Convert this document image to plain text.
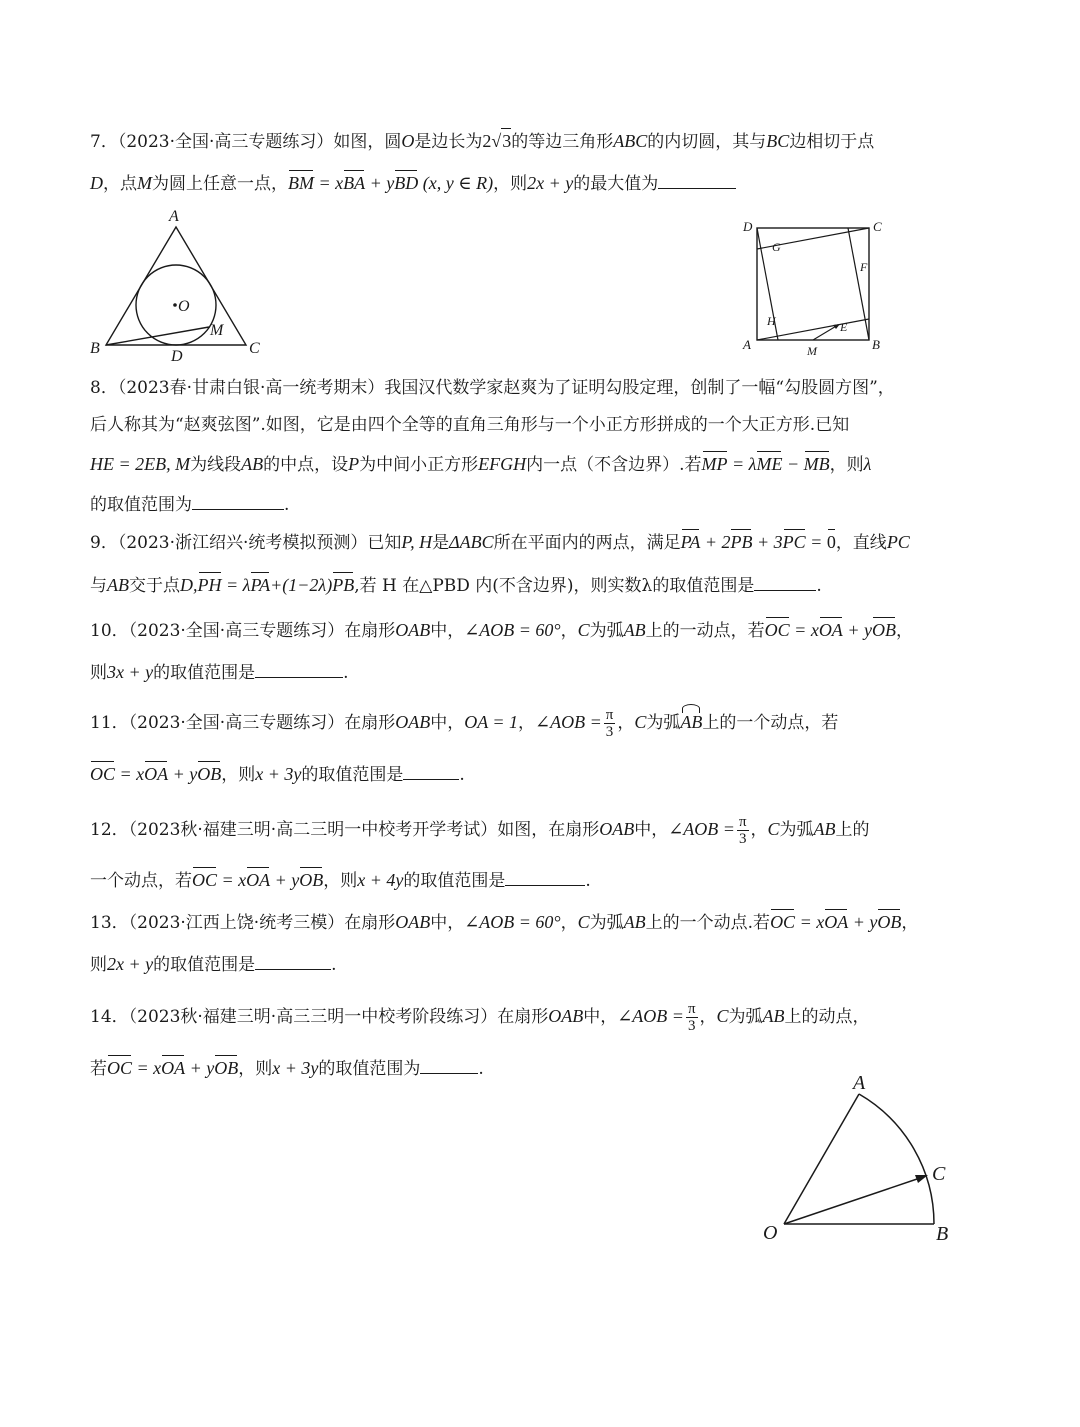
7．（2023·全国·高三专题练习）如图，圆O是边长为2√3的等边三角形ABC的内切圆，其与BC边相切于点
D，点M为圆上任意一点，BM = xBA + yBD (x, y ∈ R)，则2x + y的最大值为
A
B	C
D
M
O
D	C
A	B
G
F
H	E
M
8．（2023春·甘肃白银·高一统考期末）我国汉代数学家赵爽为了证明勾股定理，创制了一幅“勾股圆方图”，
后人称其为“赵爽弦图”.如图，它是由四个全等的直角三角形与一个小正方形拼成的一个大正方形.已知
HE = 2EB, M为线段AB的中点，设P为中间小正方形EFGH内一点（不含边界）.若MP = λME − MB，则λ
的取值范围为	.
9．（2023·浙江绍兴·统考模拟预测）已知P, H是ΔABC所在平面内的两点，满足PA + 2PB + 3PC = 0，直线PC
与AB交于点D,PH = λPA+(1−2λ)PB,若 H 在△PBD 内(不含边界)，则实数λ的取值范围是	.
10．（2023·全国·高三专题练习）在扇形OAB中，∠AOB = 60°，C为弧AB上的一动点，若OC = xOA + yOB，
则3x + y的取值范围是	.
11．（2023·全国·高三专题练习）在扇形OAB中，OA = 1，∠AOB = $\frac{\pi}{3}$ ，C为弧AB上的一个动点，若
OC = xOA + yOB，则x + 3y的取值范围是	.
12．（2023秋·福建三明·高二三明一中校考开学考试）如图，在扇形OAB中，∠AOB = $\frac{\pi}{3}$ ，C为弧AB上的
一个动点，若OC = xOA + yOB，则x + 4y的取值范围是	.
13．（2023·江西上饶·统考三模）在扇形OAB中，∠AOB = 60°，C为弧AB上的一个动点.若OC = xOA + yOB，
则2x + y的取值范围是	.
14．（2023秋·福建三明·高三三明一中校考阶段练习）在扇形OAB中，∠AOB = $\frac{\pi}{3}$ ，C为弧AB上的动点，
若OC = xOA + yOB，则x + 3y的取值范围为	.
A
C
B
O
